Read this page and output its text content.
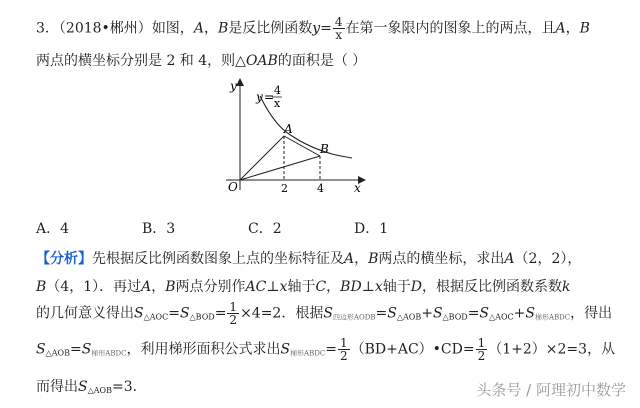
3．（2018•郴州）如图，A，B是反比例函数$y= \frac{4}{x}$ 在第一象限内的图象上的两点，且A，B
两点的横坐标分别是 2 和 4，则△OAB的面积是（ ）
y
x
O
A
B
2	4
y = 4
x
A．4	B．3	C．2	D．1
【分析】先根据反比例函数图象上点的坐标特征及A，B两点的横坐标，求出A（2，2），
B（4，1）．再过A，B两点分别作AC⊥x轴于C，BD⊥x轴于D，根据反比例函数系数k
的几何意义得出$S_{\triangle AOC}=S_{\triangle BOD}= \frac{1}{2} \times 4=2$．根据S四边形$AODB=S_{\triangle AOB}+S_{\triangle BOD}=S_{\triangle AOC}+S$梯形ABDC，得出
$S_{\triangle AOB}=S$梯形ABDC，利用梯形面积公式求出S梯形ABDC= $\frac{1}{2}$ （BD+AC）•CD= $\frac{1}{2} (1+2)\times 2=3$，从
而得出$S_{\triangle AOB}=3$．	头条号 / 阿理初中数学
